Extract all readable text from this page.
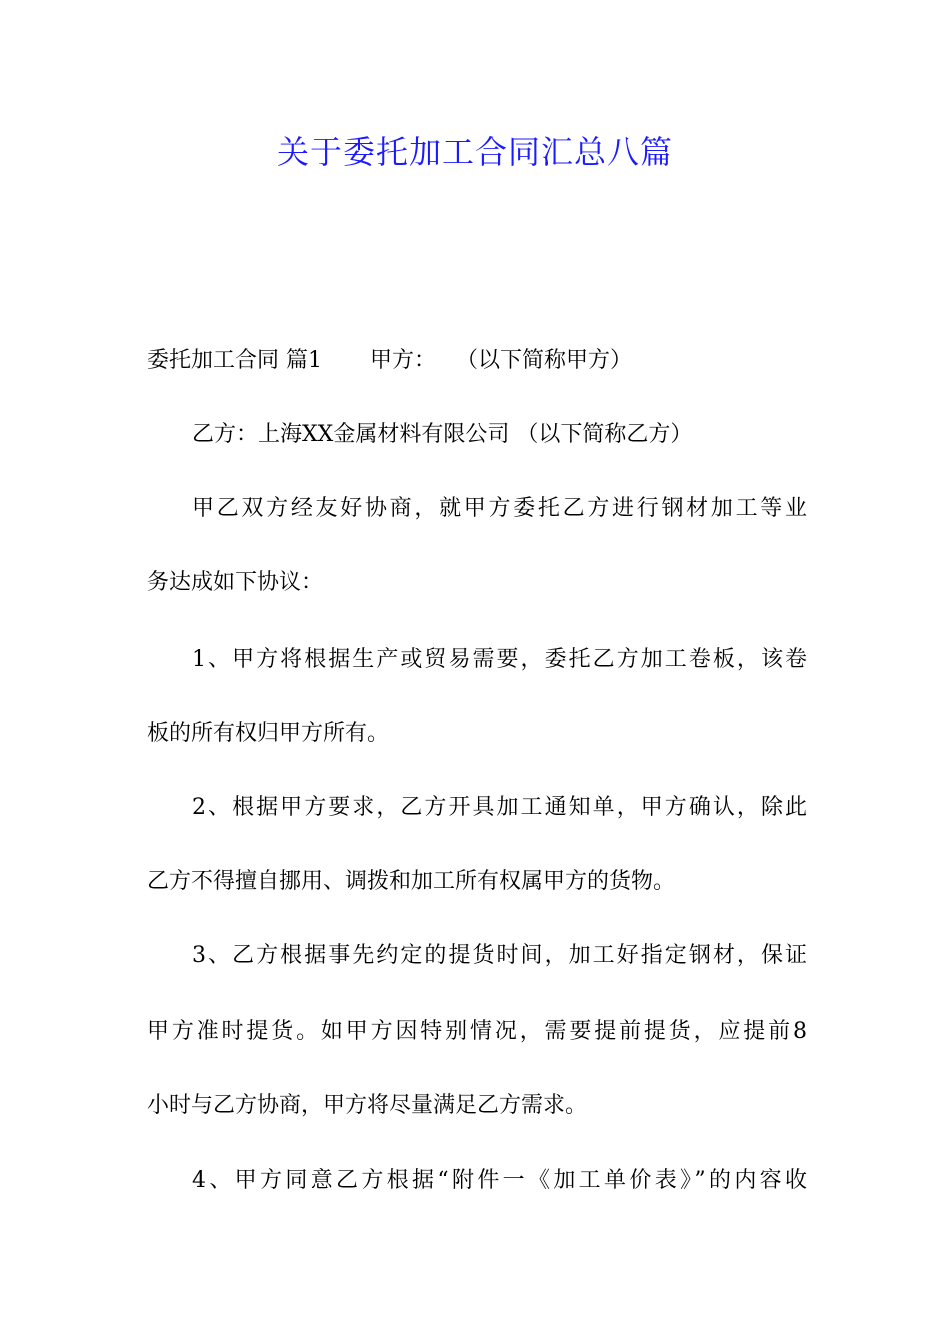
关于委托加工合同汇总八篇
委托加工合同 篇1 甲方： （以下简称甲方）
乙方：上海XX金属材料有限公司 （以下简称乙方）
甲乙双方经友好协商，就甲方委托乙方进行钢材加工等业
务达成如下协议：
1、甲方将根据生产或贸易需要，委托乙方加工卷板，该卷
板的所有权归甲方所有。
2、根据甲方要求，乙方开具加工通知单，甲方确认，除此
乙方不得擅自挪用、调拨和加工所有权属甲方的货物。
3、乙方根据事先约定的提货时间，加工好指定钢材，保证
甲方准时提货。如甲方因特别情况，需要提前提货，应提前8
小时与乙方协商，甲方将尽量满足乙方需求。
4、甲方同意乙方根据“附件一《加工单价表》”的内容收
